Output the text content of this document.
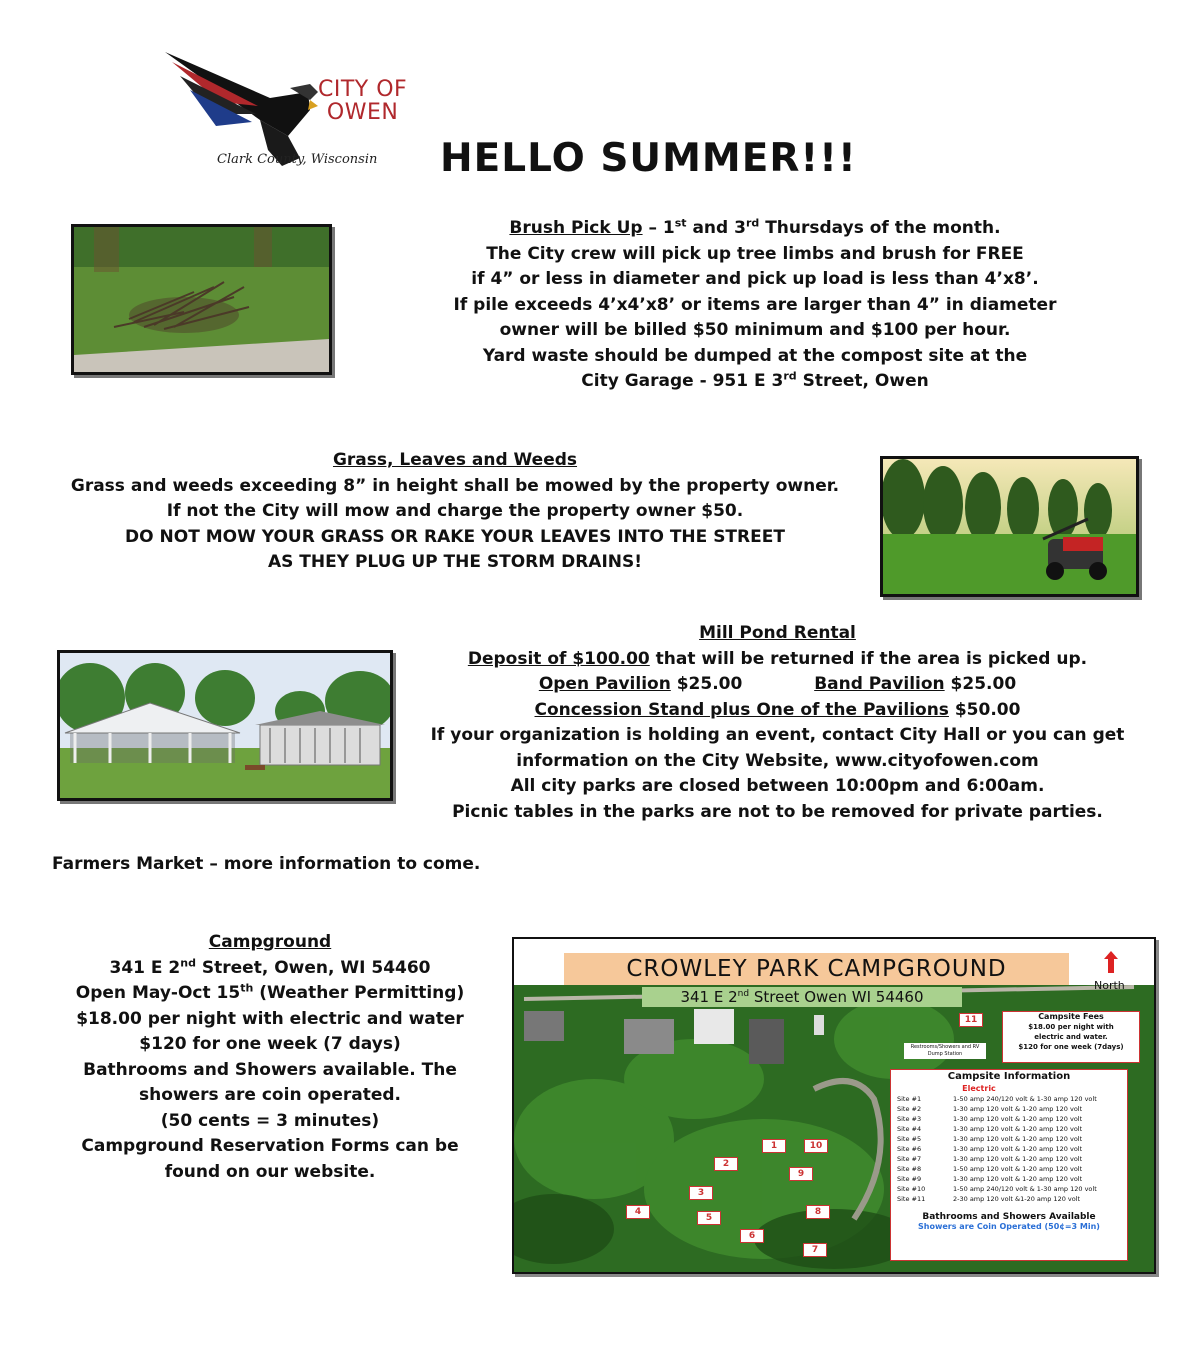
CITY OF
OWEN
Clark County, Wisconsin HELLO SUMMER!!!
Brush Pick Up – 1st and 3rd Thursdays of the month.
The City crew will pick up tree limbs and brush for FREE
if 4” or less in diameter and pick up load is less than 4’x8’.
If pile exceeds 4’x4’x8’ or items are larger than 4” in diameter
owner will be billed $50 minimum and $100 per hour.
Yard waste should be dumped at the compost site at the
City Garage - 951 E 3rd Street, Owen
Grass, Leaves and Weeds
Grass and weeds exceeding 8” in height shall be mowed by the property owner.
If not the City will mow and charge the property owner $50.
DO NOT MOW YOUR GRASS OR RAKE YOUR LEAVES INTO THE STREET
AS THEY PLUG UP THE STORM DRAINS!
Mill Pond Rental
Deposit of $100.00 that will be returned if the area is picked up.
Open Pavilion $25.00	Band Pavilion $25.00
Concession Stand plus One of the Pavilions $50.00
If your organization is holding an event, contact City Hall or you can get
information on the City Website, www.cityofowen.com
All city parks are closed between 10:00pm and 6:00am.
Picnic tables in the parks are not to be removed for private parties.
Farmers Market – more information to come.
Campground
341 E 2nd Street, Owen, WI 54460
Open May-Oct 15th (Weather Permitting)
$18.00 per night with electric and water
$120 for one week (7 days)
Bathrooms and Showers available. The
showers are coin operated.
(50 cents = 3 minutes)
Campground Reservation Forms can be
found on our website.
CROWLEY PARK CAMPGROUND
North
341 E 2nd Street Owen WI 54460
Restrooms/Showers and RV Dump Station
Campsite Fees
$18.00 per night with
electric and water.
$120 for one week (7days)
Campsite Information
Electric
Site #1	1-50 amp 240/120 volt & 1-30 amp 120 volt
Site #2	1-30 amp 120 volt & 1-20 amp 120 volt
Site #3	1-30 amp 120 volt & 1-20 amp 120 volt
Site #4	1-30 amp 120 volt & 1-20 amp 120 volt
Site #5	1-30 amp 120 volt & 1-20 amp 120 volt
Site #6	1-30 amp 120 volt & 1-20 amp 120 volt
Site #7	1-30 amp 120 volt & 1-20 amp 120 volt
Site #8	1-50 amp 120 volt & 1-20 amp 120 volt
Site #9	1-30 amp 120 volt & 1-20 amp 120 volt
Site #10	1-50 amp 240/120 volt & 1-30 amp 120 volt
Site #11	2-30 amp 120 volt &1-20 amp 120 volt
Bathrooms and Showers Available
Showers are Coin Operated (50¢=3 Min)
1	10
2
9
3
4
5
8
6
7
11
